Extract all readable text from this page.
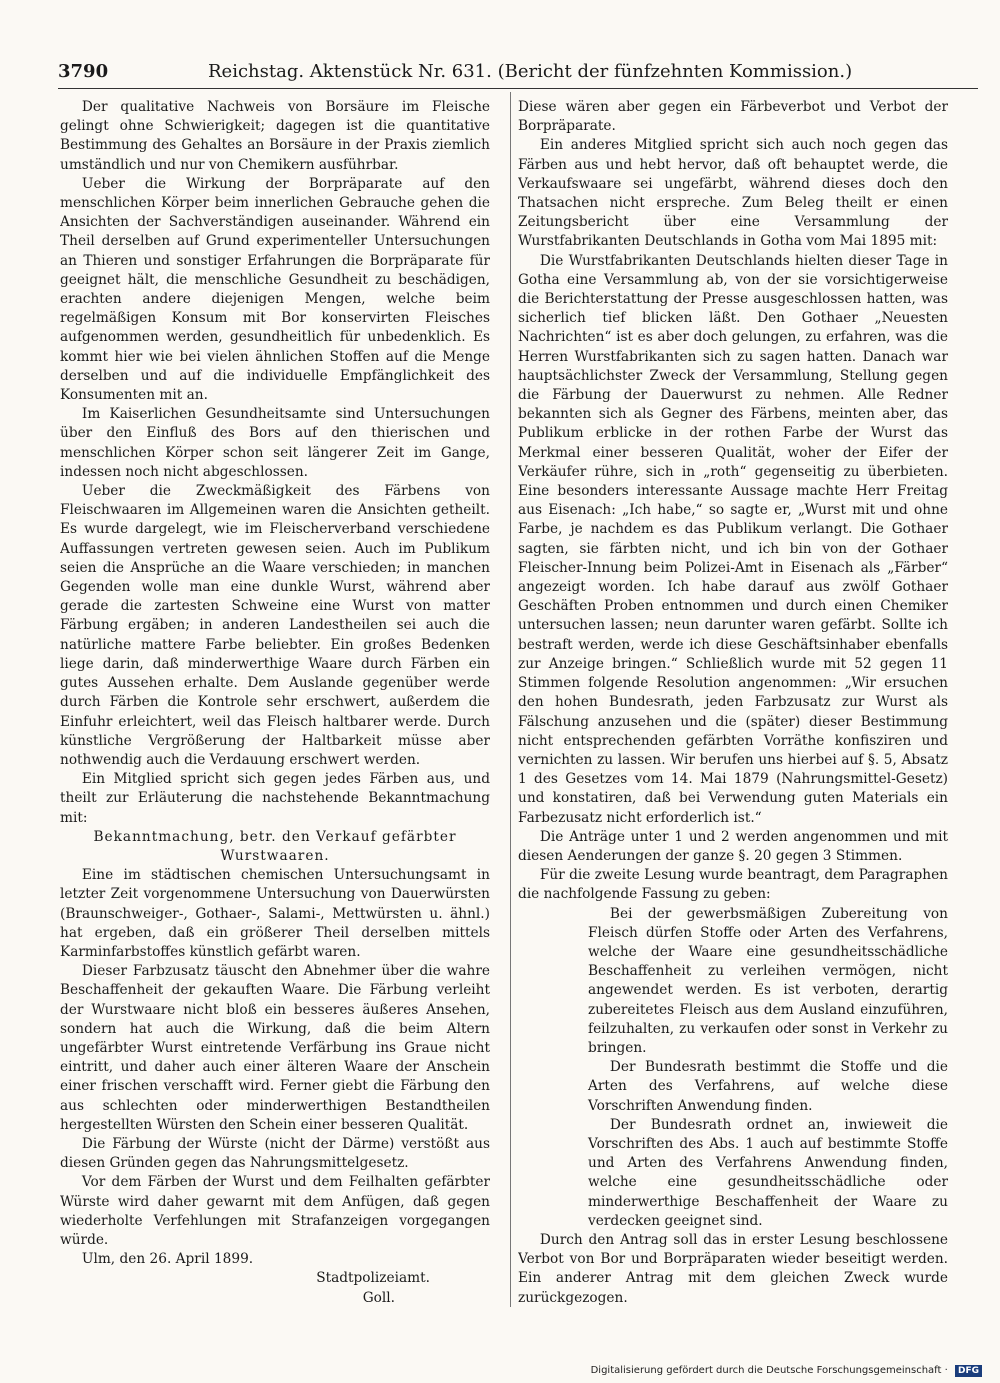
3790	Reichstag. Aktenstück Nr. 631. (Bericht der fünfzehnten Kommission.)

Der qualitative Nachweis von Borsäure im Fleische gelingt ohne Schwierigkeit; dagegen ist die quantitative Bestimmung des Gehaltes an Borsäure in der Praxis ziemlich umständlich und nur von Chemikern ausführbar.

Ueber die Wirkung der Borpräparate auf den menschlichen Körper beim innerlichen Gebrauche gehen die Ansichten der Sachverständigen auseinander. Während ein Theil derselben auf Grund experimenteller Untersuchungen an Thieren und sonstiger Erfahrungen die Borpräparate für geeignet hält, die menschliche Gesundheit zu beschädigen, erachten andere diejenigen Mengen, welche beim regelmäßigen Konsum mit Bor konservirten Fleisches aufgenommen werden, gesundheitlich für unbedenklich. Es kommt hier wie bei vielen ähnlichen Stoffen auf die Menge derselben und auf die individuelle Empfänglichkeit des Konsumenten mit an.

Im Kaiserlichen Gesundheitsamte sind Untersuchungen über den Einfluß des Bors auf den thierischen und menschlichen Körper schon seit längerer Zeit im Gange, indessen noch nicht abgeschlossen.

Ueber die Zweckmäßigkeit des Färbens von Fleischwaaren im Allgemeinen waren die Ansichten getheilt. Es wurde dargelegt, wie im Fleischerverband verschiedene Auffassungen vertreten gewesen seien. Auch im Publikum seien die Ansprüche an die Waare verschieden; in manchen Gegenden wolle man eine dunkle Wurst, während aber gerade die zartesten Schweine eine Wurst von matter Färbung ergäben; in anderen Landestheilen sei auch die natürliche mattere Farbe beliebter. Ein großes Bedenken liege darin, daß minderwerthige Waare durch Färben ein gutes Aussehen erhalte. Dem Auslande gegenüber werde durch Färben die Kontrole sehr erschwert, außerdem die Einfuhr erleichtert, weil das Fleisch haltbarer werde. Durch künstliche Vergrößerung der Haltbarkeit müsse aber nothwendig auch die Verdauung erschwert werden.

Ein Mitglied spricht sich gegen jedes Färben aus, und theilt zur Erläuterung die nachstehende Bekanntmachung mit:

Bekanntmachung, betr. den Verkauf gefärbter Wurstwaaren.

Eine im städtischen chemischen Untersuchungsamt in letzter Zeit vorgenommene Untersuchung von Dauerwürsten (Braunschweiger-, Gothaer-, Salami-, Mettwürsten u. ähnl.) hat ergeben, daß ein größerer Theil derselben mittels Karminfarbstoffes künstlich gefärbt waren.

Dieser Farbzusatz täuscht den Abnehmer über die wahre Beschaffenheit der gekauften Waare. Die Färbung verleiht der Wurstwaare nicht bloß ein besseres äußeres Ansehen, sondern hat auch die Wirkung, daß die beim Altern ungefärbter Wurst eintretende Verfärbung ins Graue nicht eintritt, und daher auch einer älteren Waare der Anschein einer frischen verschafft wird. Ferner giebt die Färbung den aus schlechten oder minderwerthigen Bestandtheilen hergestellten Würsten den Schein einer besseren Qualität.

Die Färbung der Würste (nicht der Därme) verstößt aus diesen Gründen gegen das Nahrungsmittelgesetz.

Vor dem Färben der Wurst und dem Feilhalten gefärbter Würste wird daher gewarnt mit dem Anfügen, daß gegen wiederholte Verfehlungen mit Strafanzeigen vorgegangen würde.

Ulm, den 26. April 1899.

Stadtpolizeiamt.

Goll.

Diese wären aber gegen ein Färbeverbot und Verbot der Borpräparate.

Ein anderes Mitglied spricht sich auch noch gegen das Färben aus und hebt hervor, daß oft behauptet werde, die Verkaufswaare sei ungefärbt, während dieses doch den Thatsachen nicht erspreche. Zum Beleg theilt er einen Zeitungsbericht über eine Versammlung der Wurstfabrikanten Deutschlands in Gotha vom Mai 1895 mit:

Die Wurstfabrikanten Deutschlands hielten dieser Tage in Gotha eine Versammlung ab, von der sie vorsichtigerweise die Berichterstattung der Presse ausgeschlossen hatten, was sicherlich tief blicken läßt. Den Gothaer „Neuesten Nachrichten“ ist es aber doch gelungen, zu erfahren, was die Herren Wurstfabrikanten sich zu sagen hatten. Danach war hauptsächlichster Zweck der Versammlung, Stellung gegen die Färbung der Dauerwurst zu nehmen. Alle Redner bekannten sich als Gegner des Färbens, meinten aber, das Publikum erblicke in der rothen Farbe der Wurst das Merkmal einer besseren Qualität, woher der Eifer der Verkäufer rühre, sich in „roth“ gegenseitig zu überbieten. Eine besonders interessante Aussage machte Herr Freitag aus Eisenach: „Ich habe,“ so sagte er, „Wurst mit und ohne Farbe, je nachdem es das Publikum verlangt. Die Gothaer sagten, sie färbten nicht, und ich bin von der Gothaer Fleischer-Innung beim Polizei-Amt in Eisenach als „Färber“ angezeigt worden. Ich habe darauf aus zwölf Gothaer Geschäften Proben entnommen und durch einen Chemiker untersuchen lassen; neun darunter waren gefärbt. Sollte ich bestraft werden, werde ich diese Geschäftsinhaber ebenfalls zur Anzeige bringen.“ Schließlich wurde mit 52 gegen 11 Stimmen folgende Resolution angenommen: „Wir ersuchen den hohen Bundesrath, jeden Farbzusatz zur Wurst als Fälschung anzusehen und die (später) dieser Bestimmung nicht entsprechenden gefärbten Vorräthe konfisziren und vernichten zu lassen. Wir berufen uns hierbei auf §. 5, Absatz 1 des Gesetzes vom 14. Mai 1879 (Nahrungsmittel-Gesetz) und konstatiren, daß bei Verwendung guten Materials ein Farbezusatz nicht erforderlich ist.“

Die Anträge unter 1 und 2 werden angenommen und mit diesen Aenderungen der ganze §. 20 gegen 3 Stimmen.

Für die zweite Lesung wurde beantragt, dem Paragraphen die nachfolgende Fassung zu geben:

Bei der gewerbsmäßigen Zubereitung von Fleisch dürfen Stoffe oder Arten des Verfahrens, welche der Waare eine gesundheitsschädliche Beschaffenheit zu verleihen vermögen, nicht angewendet werden. Es ist verboten, derartig zubereitetes Fleisch aus dem Ausland einzuführen, feilzuhalten, zu verkaufen oder sonst in Verkehr zu bringen.

Der Bundesrath bestimmt die Stoffe und die Arten des Verfahrens, auf welche diese Vorschriften Anwendung finden.

Der Bundesrath ordnet an, inwieweit die Vorschriften des Abs. 1 auch auf bestimmte Stoffe und Arten des Verfahrens Anwendung finden, welche eine gesundheitsschädliche oder minderwerthige Beschaffenheit der Waare zu verdecken geeignet sind.

Durch den Antrag soll das in erster Lesung beschlossene Verbot von Bor und Borpräparaten wieder beseitigt werden. Ein anderer Antrag mit dem gleichen Zweck wurde zurückgezogen.

Digitalisierung gefördert durch die Deutsche Forschungsgemeinschaft · DFG
